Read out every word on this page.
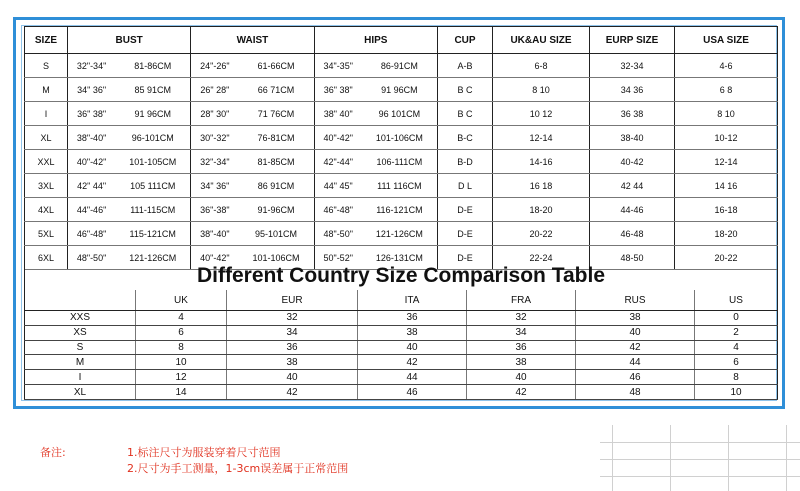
SIZE	BUST		WAIST		HIPS		CUP	UK&AU SIZE	EURP SIZE	USA SIZE
S	32"-34"	81-86CM	24"-26"	61-66CM	34"-35"	86-91CM	A-B	6-8	32-34	4-6
M	34" 36"	85 91CM	26" 28"	66 71CM	36" 38"	91 96CM	B C	8 10	34 36	6 8
I	36" 38"	91 96CM	28" 30"	71 76CM	38" 40"	96 101CM	B C	10 12	36 38	8 10
XL	38"-40"	96-101CM	30"-32"	76-81CM	40"-42"	101-106CM	B-C	12-14	38-40	10-12
XXL	40"-42"	101-105CM	32"-34"	81-85CM	42"-44"	106-111CM	B-D	14-16	40-42	12-14
3XL	42" 44"	105 111CM	34" 36"	86 91CM	44" 45"	111 116CM	D L	16 18	42 44	14 16
4XL	44"-46"	111-115CM	36"-38"	91-96CM	46"-48"	116-121CM	D-E	18-20	44-46	16-18
5XL	46"-48"	115-121CM	38"-40"	95-101CM	48"-50"	121-126CM	D-E	20-22	46-48	18-20
6XL	48"-50"	121-126CM	40"-42"	101-106CM	50"-52"	126-131CM	D-E	22-24	48-50	20-22
Different Country Size Comparison Table
	UK	EUR	ITA	FRA	RUS	US
XXS	4	32	36	32	38	0
XS	6	34	38	34	40	2
S	8	36	40	36	42	4
M	10	38	42	38	44	6
I	12	40	44	40	46	8
XL	14	42	46	42	48	10
备注:	1.标注尺寸为服装穿着尺寸范围
2.尺寸为手工测量，1-3cm误差属于正常范围
